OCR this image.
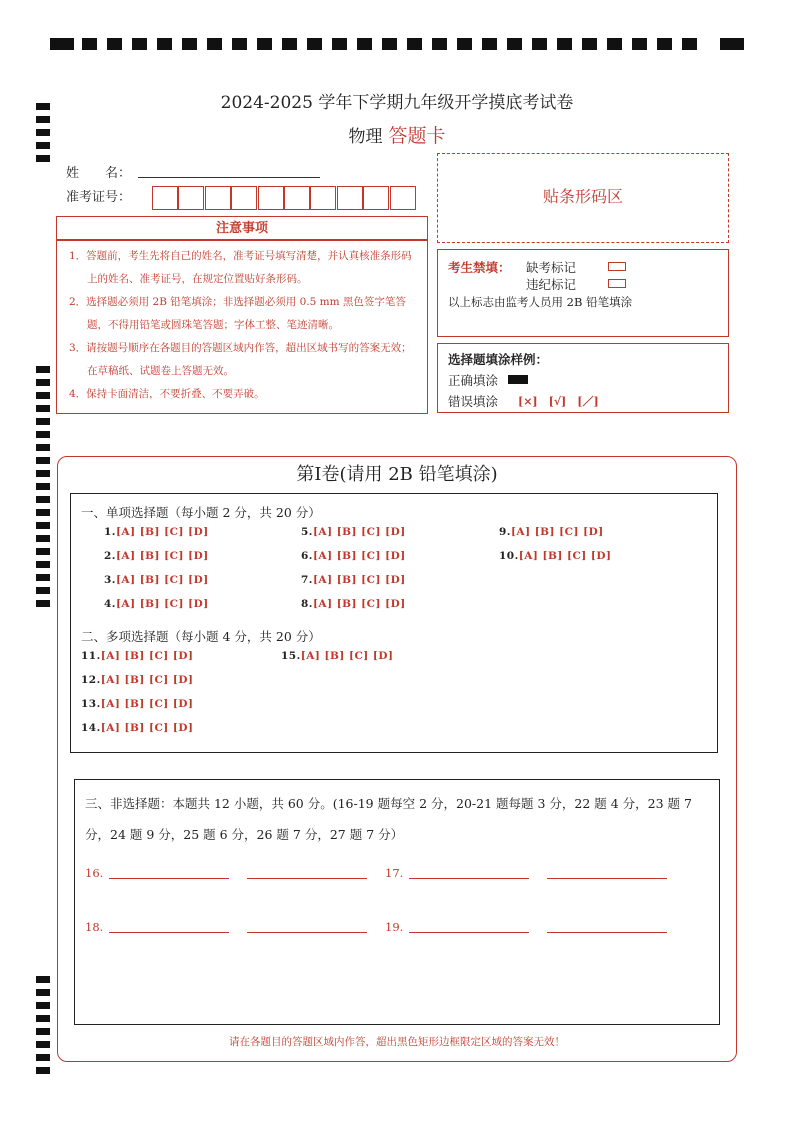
2024-2025 学年下学期九年级开学摸底考试卷
物理 答题卡
姓　　名：
准考证号：	贴条形码区
注意事项

1．答题前，考生先将自己的姓名，准考证号填写清楚，并认真核准条形码上的姓名、准考证号，在规定位置贴好条形码。

2．选择题必须用 2B 铅笔填涂；非选择题必须用 0.5 mm 黑色签字笔答题，不得用铅笔或圆珠笔答题；字体工整、笔迹清晰。

3．请按题号顺序在各题目的答题区域内作答，超出区域书写的答案无效；在草稿纸、试题卷上答题无效。

4．保持卡面清洁，不要折叠、不要弄破。

考生禁填： 缺考标记
违纪标记
以上标志由监考人员用 2B 铅笔填涂
选择题填涂样例：
正确填涂
错误填涂 [×]　[√]　[／]
第Ⅰ卷(请用 2B 铅笔填涂)
一、单项选择题（每小题 2 分，共 20 分）
二、多项选择题（每小题 4 分，共 20 分）
1.[A] [B] [C] [D]
2.[A] [B] [C] [D]
3.[A] [B] [C] [D]
4.[A] [B] [C] [D]
5.[A] [B] [C] [D]
6.[A] [B] [C] [D]
7.[A] [B] [C] [D]
8.[A] [B] [C] [D]
9.[A] [B] [C] [D]
10.[A] [B] [C] [D]
11.[A] [B] [C] [D]
12.[A] [B] [C] [D]
13.[A] [B] [C] [D]
14.[A] [B] [C] [D]
15.[A] [B] [C] [D]
三、非选择题：本题共 12 小题，共 60 分。(16-19 题每空 2 分，20-21 题每题 3 分，22 题 4 分，23 题 7
分，24 题 9 分，25 题 6 分，26 题 7 分，27 题 7 分）
16.	17.
18.	19.
请在各题目的答题区域内作答，超出黑色矩形边框限定区域的答案无效！
